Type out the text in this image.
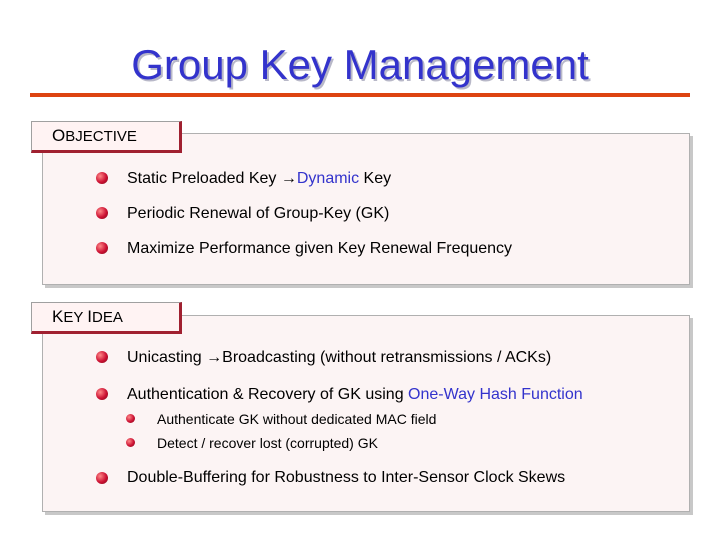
Group Key Management
OBJECTIVE
Static Preloaded Key →Dynamic Key
Periodic Renewal of Group-Key (GK)
Maximize Performance given Key Renewal Frequency
KEY IDEA
Unicasting →Broadcasting (without retransmissions / ACKs)
Authentication & Recovery of GK using One-Way Hash Function
Authenticate GK without dedicated MAC field
Detect / recover lost (corrupted) GK
Double-Buffering for Robustness to Inter-Sensor Clock Skews
